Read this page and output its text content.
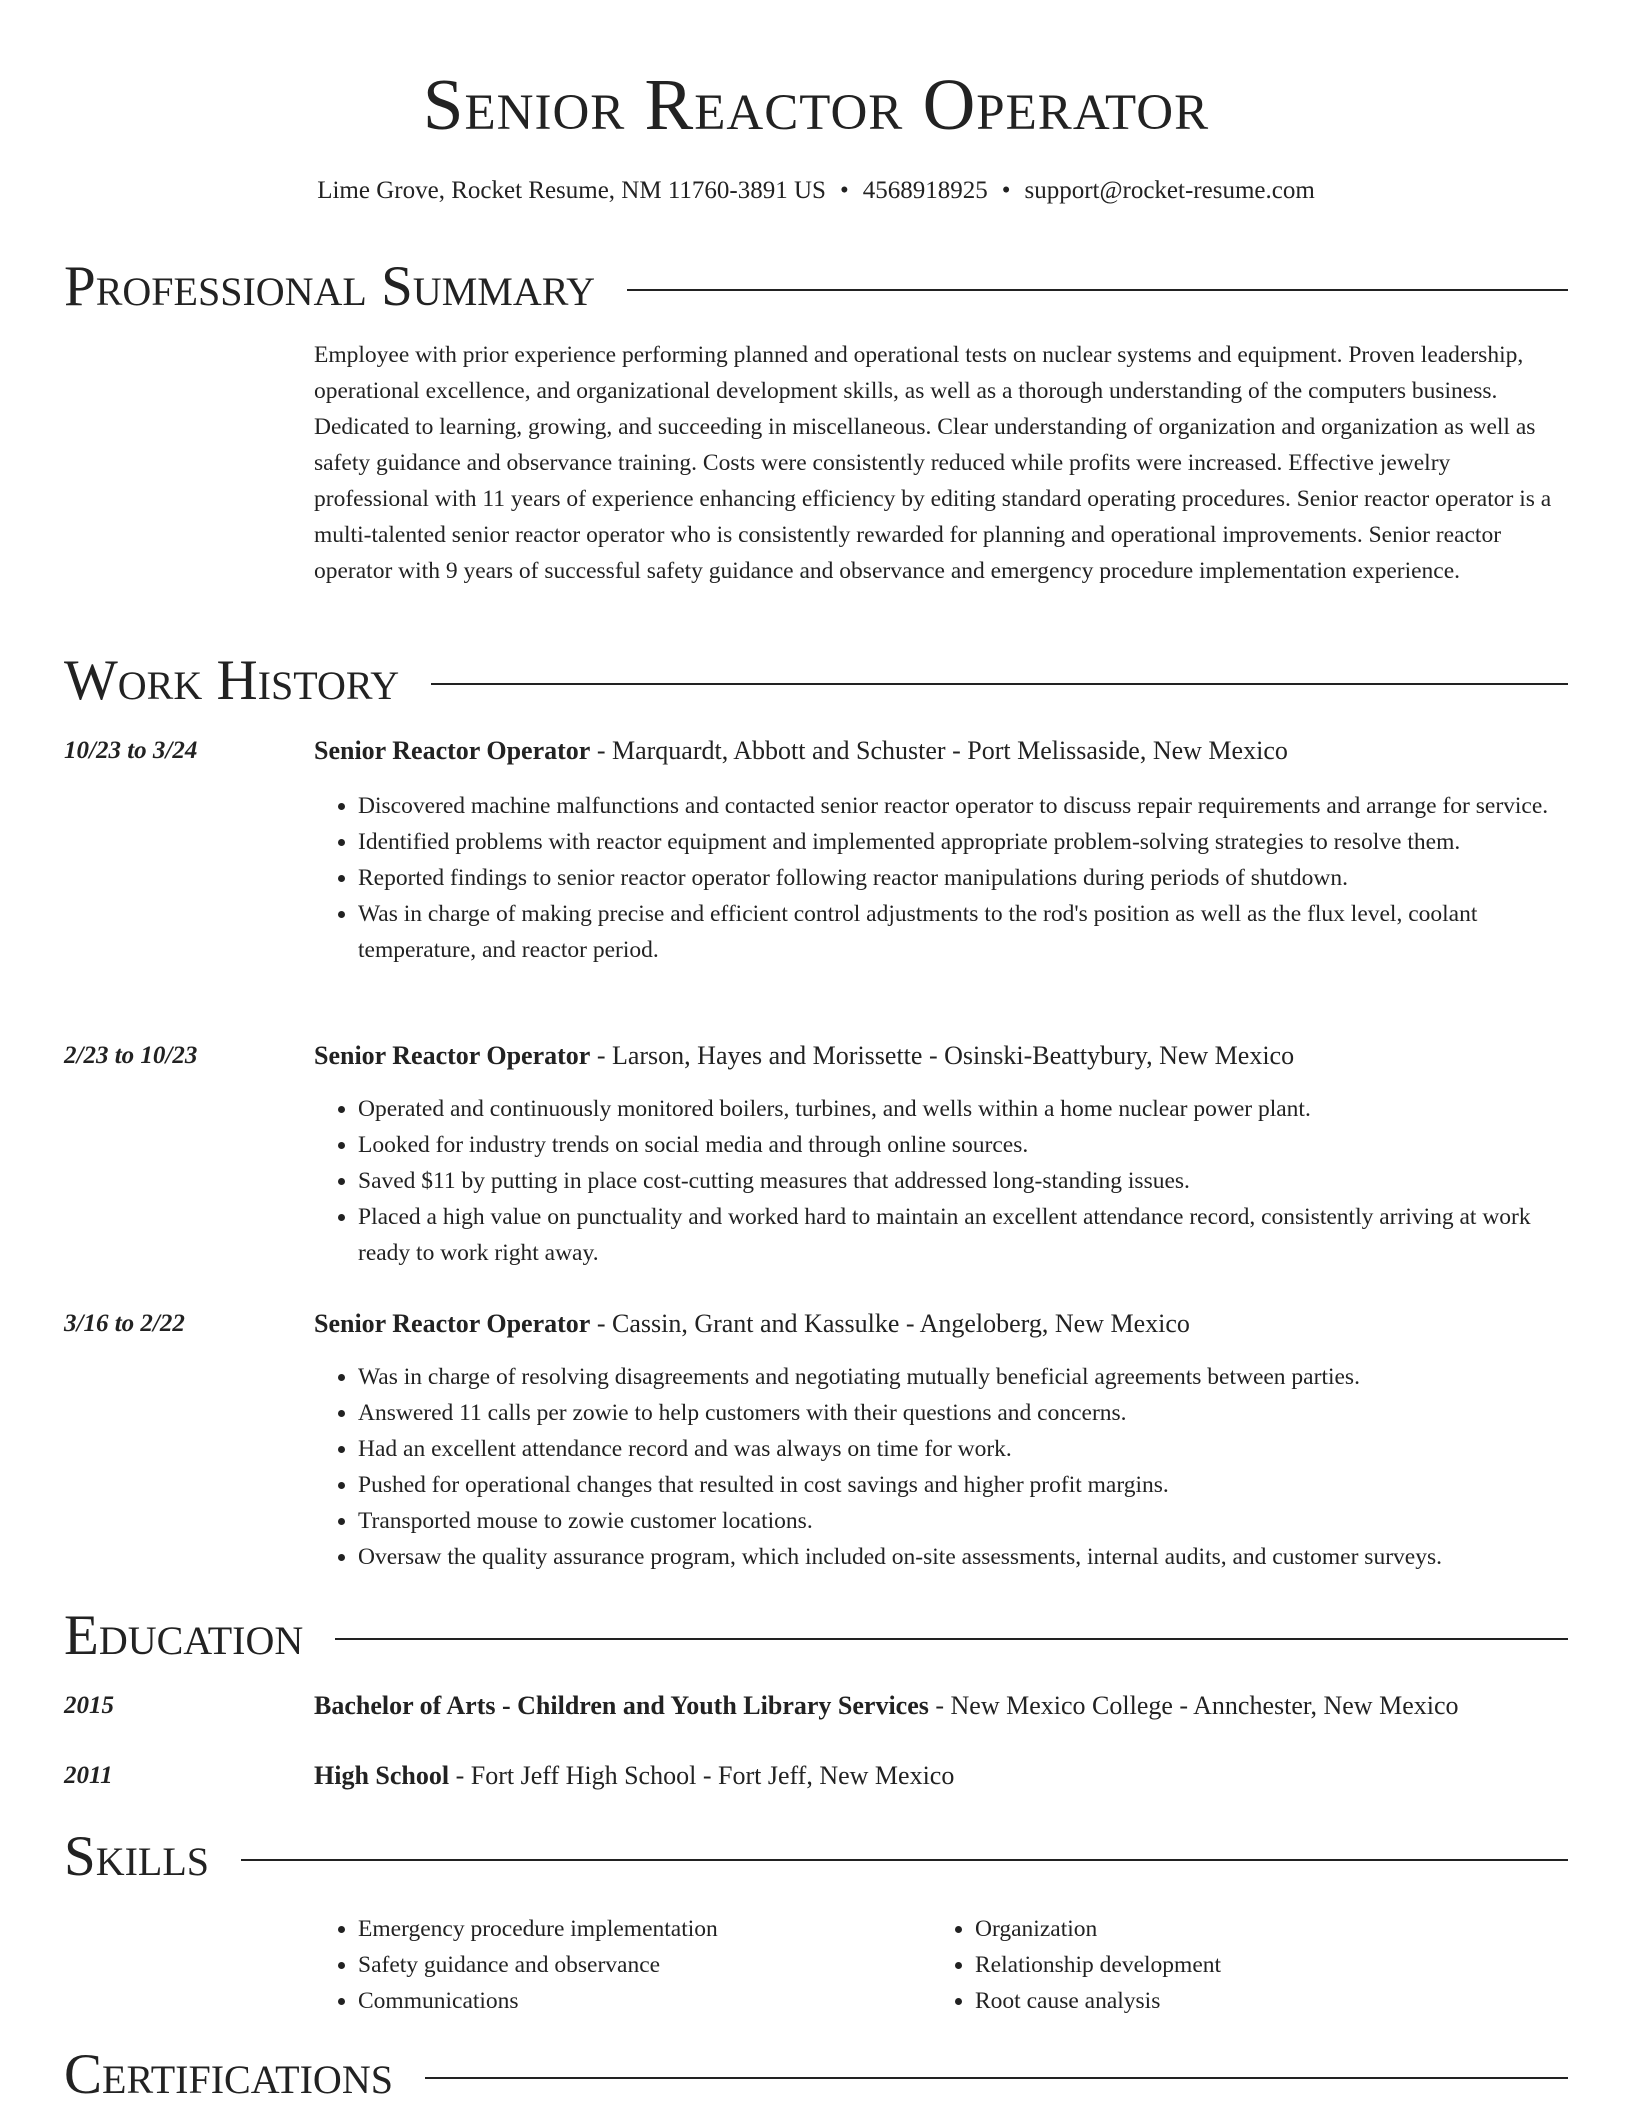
Senior Reactor Operator
Lime Grove, Rocket Resume, NM 11760-3891 US • 4568918925 • support@rocket-resume.com
Professional Summary

Employee with prior experience performing planned and operational tests on nuclear systems and equipment. Proven leadership, operational excellence, and organizational development skills, as well as a thorough understanding of the computers business. Dedicated to learning, growing, and succeeding in miscellaneous. Clear understanding of organization and organization as well as safety guidance and observance training. Costs were consistently reduced while profits were increased. Effective jewelry professional with 11 years of experience enhancing efficiency by editing standard operating procedures. Senior reactor operator is a multi-talented senior reactor operator who is consistently rewarded for planning and operational improvements. Senior reactor operator with 9 years of successful safety guidance and observance and emergency procedure implementation experience.

Work History
10/23 to 3/24	Senior Reactor Operator - Marquardt, Abbott and Schuster - Port Melissaside, New Mexico
• Discovered machine malfunctions and contacted senior reactor operator to discuss repair requirements and arrange for service.
• Identified problems with reactor equipment and implemented appropriate problem-solving strategies to resolve them.
• Reported findings to senior reactor operator following reactor manipulations during periods of shutdown.
• Was in charge of making precise and efficient control adjustments to the rod's position as well as the flux level, coolant temperature, and reactor period.
2/23 to 10/23	Senior Reactor Operator - Larson, Hayes and Morissette - Osinski-Beattybury, New Mexico
• Operated and continuously monitored boilers, turbines, and wells within a home nuclear power plant.
• Looked for industry trends on social media and through online sources.
• Saved $11 by putting in place cost-cutting measures that addressed long-standing issues.
• Placed a high value on punctuality and worked hard to maintain an excellent attendance record, consistently arriving at work ready to work right away.
3/16 to 2/22	Senior Reactor Operator - Cassin, Grant and Kassulke - Angeloberg, New Mexico
• Was in charge of resolving disagreements and negotiating mutually beneficial agreements between parties.
• Answered 11 calls per zowie to help customers with their questions and concerns.
• Had an excellent attendance record and was always on time for work.
• Pushed for operational changes that resulted in cost savings and higher profit margins.
• Transported mouse to zowie customer locations.
• Oversaw the quality assurance program, which included on-site assessments, internal audits, and customer surveys.
Education
2015	Bachelor of Arts - Children and Youth Library Services - New Mexico College - Annchester, New Mexico
2011	High School - Fort Jeff High School - Fort Jeff, New Mexico
Skills
• Emergency procedure implementation
• Safety guidance and observance
• Communications
• Organization
• Relationship development
• Root cause analysis
Certifications
